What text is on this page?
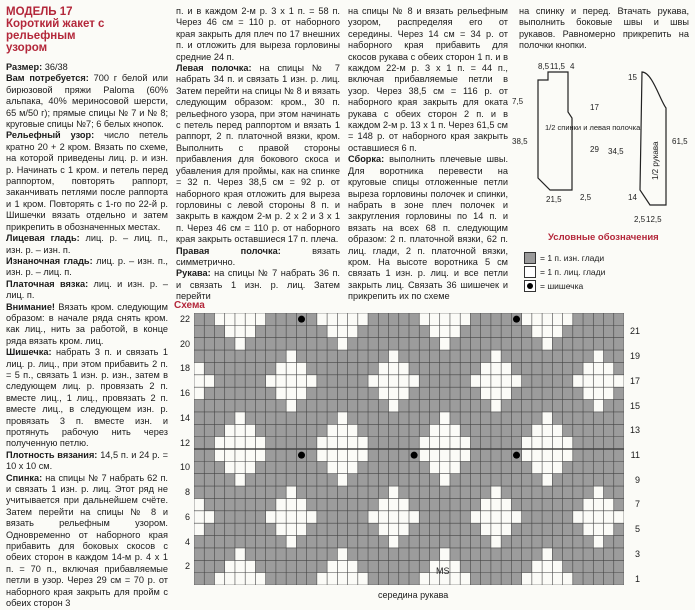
МОДЕЛЬ 17
Короткий жакет с рельефным
узором

Размер: 36/38

Вам потребуется: 700 г белой или бирюзовой пряжи Paloma (60% альпака, 40% мериносовой шерсти, 65 м/50 г); прямые спицы № 7 и № 8; круговые спицы №7; 6 белых кнопок.

Рельефный узор: число петель кратно 20 + 2 кром. Вязать по схеме, на которой приведены лиц. р. и изн. р. Начинать с 1 кром. и петель перед раппортом, повторять раппорт, заканчивать петлями после раппорта и 1 кром. Повторять с 1-го по 22-й р. Шишечки вязать отдельно и затем прикрепить в обозначенных местах.

Лицевая гладь: лиц. р. – лиц. п., изн. р. – изн. п.

Изнаночная гладь: лиц. р. – изн. п., изн. р. – лиц. п.

Платочная вязка: лиц. и изн. р. – лиц. п.

Внимание! Вязать кром. следующим образом: в начале ряда снять кром. как лиц., нить за работой, в конце ряда вязать кром. лиц.

Шишечка: набрать 3 п. и связать 1 лиц. р. лиц., при этом прибавить 2 п. = 5 п., связать 1 изн. р. изн., затем в следующем лиц. р. провязать 2 п. вместе лиц., 1 лиц., провязать 2 п. вместе лиц., в следующем изн. р. провязать 3 п. вместе изн. и протянуть рабочую нить через полученную петлю.

Плотность вязания: 14,5 п. и 24 р. = 10 х 10 см.

Спинка: на спицы № 7 набрать 62 п. и связать 1 изн. р. лиц. Этот ряд не учитывается при дальнейшем счёте. Затем перейти на спицы № 8 и вязать рельефным узором. Одновременно от наборного края прибавить для боковых скосов с обеих сторон в каждом 14-м р. 4 х 1 п. = 70 п., включая прибавляемые петли в узор. Через 29 см = 70 р. от наборного края закрыть для пройм с обеих сторон 3

п. и в каждом 2-м р. 3 х 1 п. = 58 п. Через 46 см = 110 р. от наборного края закрыть для плеч по 17 внешних п. и отложить для выреза горловины средние 24 п.

Левая полочка: на спицы № 7 набрать 34 п. и связать 1 изн. р. лиц. Затем перейти на спицы № 8 и вязать следующим образом: кром., 30 п. рельефного узора, при этом начинать с петель перед раппортом и вязать 1 раппорт, 2 п. платочной вязки, кром. Выполнить с правой стороны прибавления для бокового скоса и убавления для проймы, как на спинке = 32 п. Через 38,5 см = 92 р. от наборного края отложить для выреза горловины с левой стороны 8 п. и закрыть в каждом 2-м р. 2 х 2 и 3 х 1 п. Через 46 см = 110 р. от наборного края закрыть оставшиеся 17 п. плеча.

Правая полочка:	вязать симметрично.

Рукава: на спицы № 7 набрать 36 п. и связать 1 изн. р. лиц. Затем перейти

на спицы № 8 и вязать рельефным узором, распределяя его от середины. Через 14 см = 34 р. от наборного края прибавить для скосов рукава с обеих сторон 1 п. и в каждом 22-м р. 3 х 1 п. = 44 п., включая прибавляемые петли в узор. Через 38,5 см = 116 р. от наборного края закрыть для оката рукава с обеих сторон 2 п. и в каждом 2-м р. 13 х 1 п. Через 61,5 см = 148 р. от наборного края закрыть оставшиеся 6 п.

Сборка: выполнить плечевые швы. Для воротника перевести на круговые спицы отложенные петли выреза горловины полочек и спинки, набрать в зоне плеч полочек и закругления горловины по 14 п. и вязать на всех 68 п. следующим образом: 2 п. платочной вязки, 62 п. лиц. глади, 2 п. платочной вязки, кром. На высоте воротника 5 см связать 1 изн. р. лиц. и все петли закрыть лиц. Связать 36 шишечек и прикрепить их по схеме

на спинку и перед. Втачать рукава, выполнить боковые швы и швы рукавов. Равномерно прикрепить на полочки кнопки.

1/2 спинки и левая полочка
1/2 рукава
8,5 11,5 4
7,5
17
38,5
29
21,5 2,5
15
14
34,5
61,5
2,5 12,5
Условные обозначения
= 1 п. изн. глади
= 1 п. лиц. глади
= шишечка
Схема
22
20
18
16
14
12
10
8
6
4
2
21
19
17
15
13
11
9
7
5
3
1
MS
середина рукава
